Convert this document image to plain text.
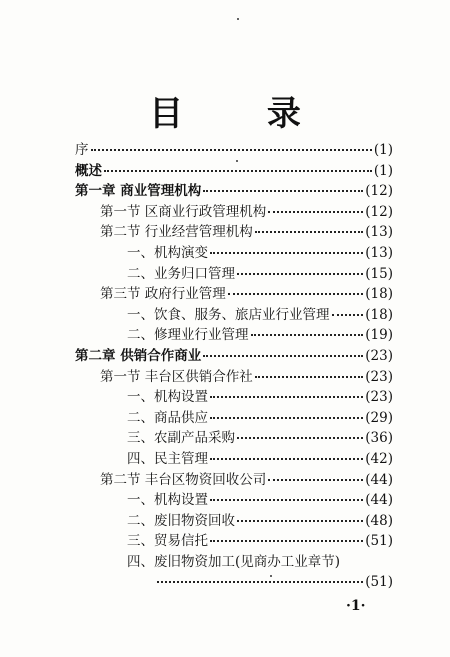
目 录
序	(1)
概述	(1)
第一章 商业管理机构	(12)
第一节 区商业行政管理机构	(12)
第二节 行业经营管理机构	(13)
一、机构演变	(13)
二、业务归口管理	(15)
第三节 政府行业管理	(18)
一、饮食、服务、旅店业行业管理	(18)
二、修理业行业管理	(19)
第二章 供销合作商业	(23)
第一节 丰台区供销合作社	(23)
一、机构设置	(23)
二、商品供应	(29)
三、农副产品采购	(36)
四、民主管理	(42)
第二节 丰台区物资回收公司	(44)
一、机构设置	(44)
二、废旧物资回收	(48)
三、贸易信托	(51)
四、废旧物资加工(见商办工业章节)
(51)
·1·
